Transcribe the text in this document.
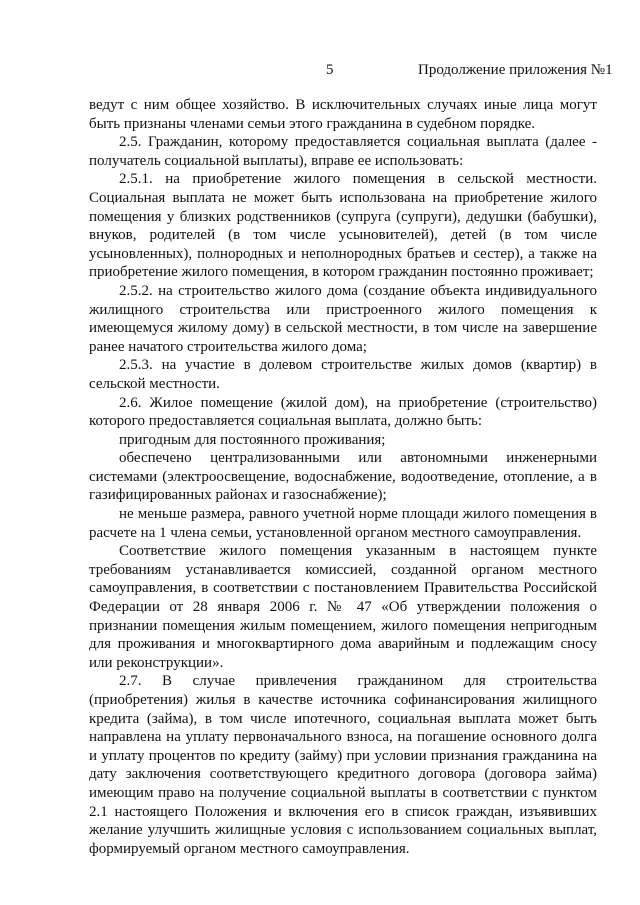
5	Продолжение приложения №1

ведут с ним общее хозяйство. В исключительных случаях иные лица могут быть признаны членами семьи этого гражданина в судебном порядке.

2.5. Гражданин, которому предоставляется социальная выплата (далее - получатель социальной выплаты), вправе ее использовать:

2.5.1. на приобретение жилого помещения в сельской местности. Социальная выплата не может быть использована на приобретение жилого помещения у близких родственников (супруга (супруги), дедушки (бабушки), внуков, родителей (в том числе усыновителей), детей (в том числе усыновленных), полнородных и неполнородных братьев и сестер), а также на приобретение жилого помещения, в котором гражданин постоянно проживает;

2.5.2. на строительство жилого дома (создание объекта индивидуального жилищного строительства или пристроенного жилого помещения к имеющемуся жилому дому) в сельской местности, в том числе на завершение ранее начатого строительства жилого дома;

2.5.3. на участие в долевом строительстве жилых домов (квартир) в сельской местности.

2.6. Жилое помещение (жилой дом), на приобретение (строительство) которого предоставляется социальная выплата, должно быть:

пригодным для постоянного проживания;

обеспечено централизованными или автономными инженерными системами (электроосвещение, водоснабжение, водоотведение, отопление, а в газифицированных районах и газоснабжение);

не меньше размера, равного учетной норме площади жилого помещения в расчете на 1 члена семьи, установленной органом местного самоуправления.

Соответствие жилого помещения указанным в настоящем пункте требованиям устанавливается комиссией, созданной органом местного самоуправления, в соответствии с постановлением Правительства Российской Федерации от 28 января 2006 г. № 47 «Об утверждении положения о признании помещения жилым помещением, жилого помещения непригодным для проживания и многоквартирного дома аварийным и подлежащим сносу или реконструкции».

2.7. В случае привлечения гражданином для строительства (приобретения) жилья в качестве источника софинансирования жилищного кредита (займа), в том числе ипотечного, социальная выплата может быть направлена на уплату первоначального взноса, на погашение основного долга и уплату процентов по кредиту (займу) при условии признания гражданина на дату заключения соответствующего кредитного договора (договора займа) имеющим право на получение социальной выплаты в соответствии с пунктом 2.1 настоящего Положения и включения его в список граждан, изъявивших желание улучшить жилищные условия с использованием социальных выплат, формируемый органом местного самоуправления.
